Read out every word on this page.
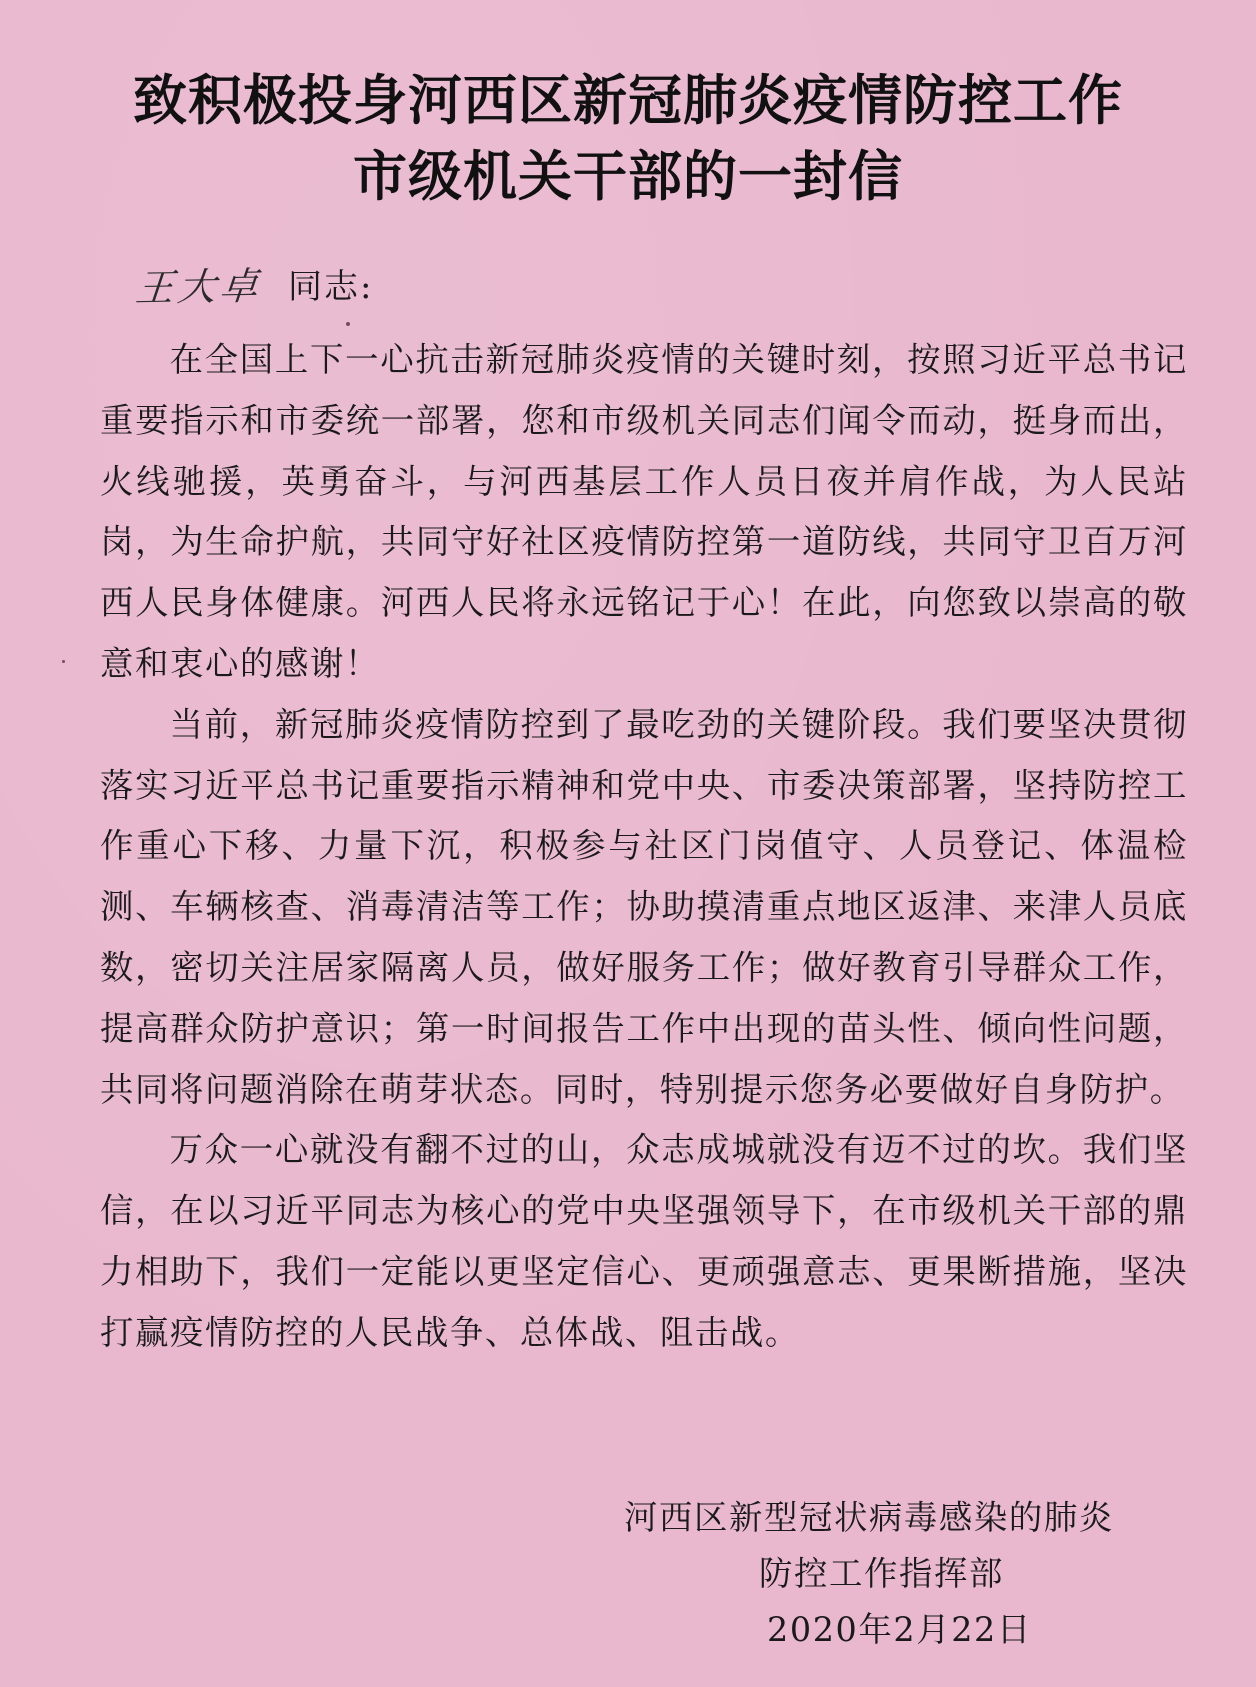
致积极投身河西区新冠肺炎疫情防控工作
市级机关干部的一封信
王大卓 同志:

在全国上下一心抗击新冠肺炎疫情的关键时刻，按照习近平总书记重要指示和市委统一部署，您和市级机关同志们闻令而动，挺身而出，火线驰援，英勇奋斗，与河西基层工作人员日夜并肩作战，为人民站岗，为生命护航，共同守好社区疫情防控第一道防线，共同守卫百万河西人民身体健康。河西人民将永远铭记于心！在此，向您致以崇高的敬意和衷心的感谢！

当前，新冠肺炎疫情防控到了最吃劲的关键阶段。我们要坚决贯彻落实习近平总书记重要指示精神和党中央、市委决策部署，坚持防控工作重心下移、力量下沉，积极参与社区门岗值守、人员登记、体温检测、车辆核查、消毒清洁等工作；协助摸清重点地区返津、来津人员底数，密切关注居家隔离人员，做好服务工作；做好教育引导群众工作，提高群众防护意识；第一时间报告工作中出现的苗头性、倾向性问题，共同将问题消除在萌芽状态。同时，特别提示您务必要做好自身防护。

万众一心就没有翻不过的山，众志成城就没有迈不过的坎。我们坚信，在以习近平同志为核心的党中央坚强领导下，在市级机关干部的鼎力相助下，我们一定能以更坚定信心、更顽强意志、更果断措施，坚决打赢疫情防控的人民战争、总体战、阻击战。

河西区新型冠状病毒感染的肺炎
防控工作指挥部
2020年2月22日
